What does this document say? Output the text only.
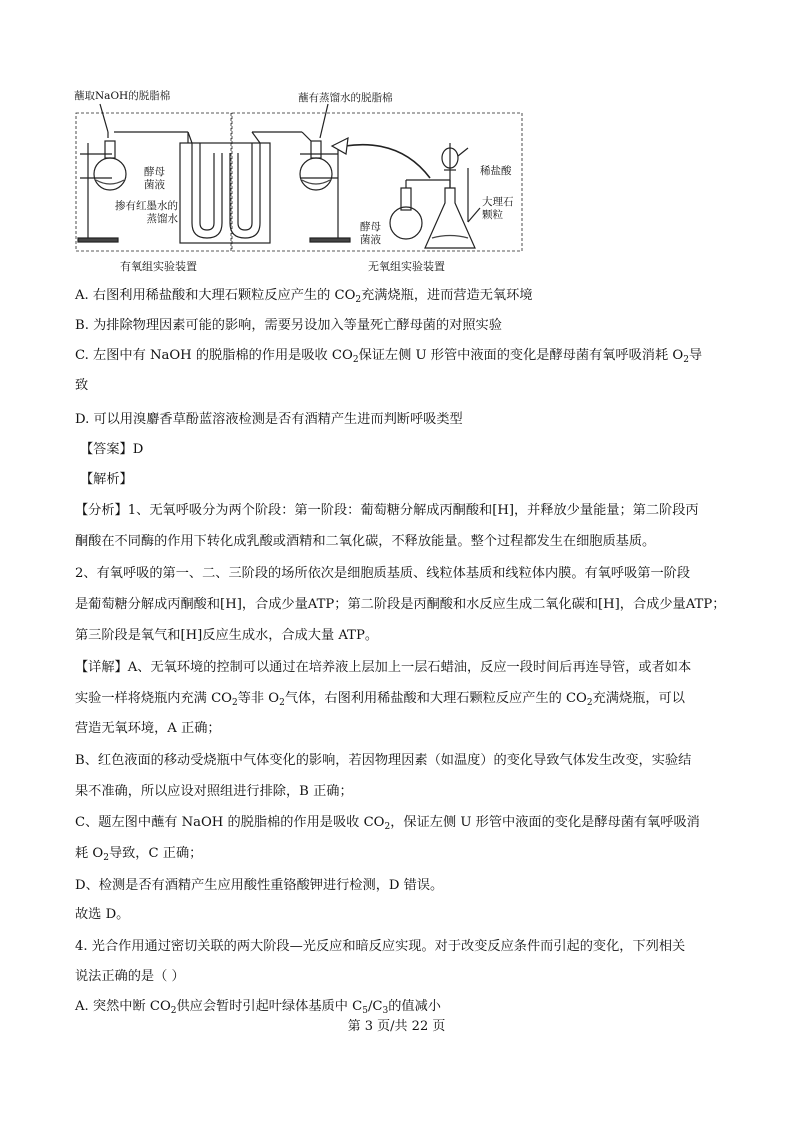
蘸取NaOH的脱脂棉	蘸有蒸馏水的脱脂棉
酵母菌液
掺有红墨水的蒸馏水
稀盐酸
酵母菌液
大理石颗粒
有氧组实验装置	无氧组实验装置
A. 右图利用稀盐酸和大理石颗粒反应产生的 $CO_2$充满烧瓶，进而营造无氧环境
B. 为排除物理因素可能的影响，需要另设加入等量死亡酵母菌的对照实验
C. 左图中有 NaOH 的脱脂棉的作用是吸收 $CO_2$保证左侧 U 形管中液面的变化是酵母菌有氧呼吸消耗 $O_2$导
致
D. 可以用溴麝香草酚蓝溶液检测是否有酒精产生进而判断呼吸类型
【答案】D
【解析】
【分析】1、无氧呼吸分为两个阶段：第一阶段：葡萄糖分解成丙酮酸和[H]，并释放少量能量；第二阶段丙
酮酸在不同酶的作用下转化成乳酸或酒精和二氧化碳，不释放能量。整个过程都发生在细胞质基质。
2、有氧呼吸的第一、二、三阶段的场所依次是细胞质基质、线粒体基质和线粒体内膜。有氧呼吸第一阶段
是葡萄糖分解成丙酮酸和[H]，合成少量ATP；第二阶段是丙酮酸和水反应生成二氧化碳和[H]，合成少量ATP；
第三阶段是氧气和[H]反应生成水，合成大量 ATP。
【详解】A、无氧环境的控制可以通过在培养液上层加上一层石蜡油，反应一段时间后再连导管，或者如本
实验一样将烧瓶内充满 $CO_2$等非 $O_2$气体，右图利用稀盐酸和大理石颗粒反应产生的 $CO_2$充满烧瓶，可以
营造无氧环境，A 正确；
B、红色液面的移动受烧瓶中气体变化的影响，若因物理因素（如温度）的变化导致气体发生改变，实验结
果不准确，所以应设对照组进行排除，B 正确；
C、题左图中蘸有 NaOH 的脱脂棉的作用是吸收 $CO_2$，保证左侧 U 形管中液面的变化是酵母菌有氧呼吸消
耗 $O_2$导致，C 正确；
D、检测是否有酒精产生应用酸性重铬酸钾进行检测，D 错误。
故选 D。
4. 光合作用通过密切关联的两大阶段—光反应和暗反应实现。对于改变反应条件而引起的变化，下列相关
说法正确的是（ ）
A. 突然中断 $CO_2$供应会暂时引起叶绿体基质中 $C_5/C_3$的值减小
第 3 页/共 22 页
